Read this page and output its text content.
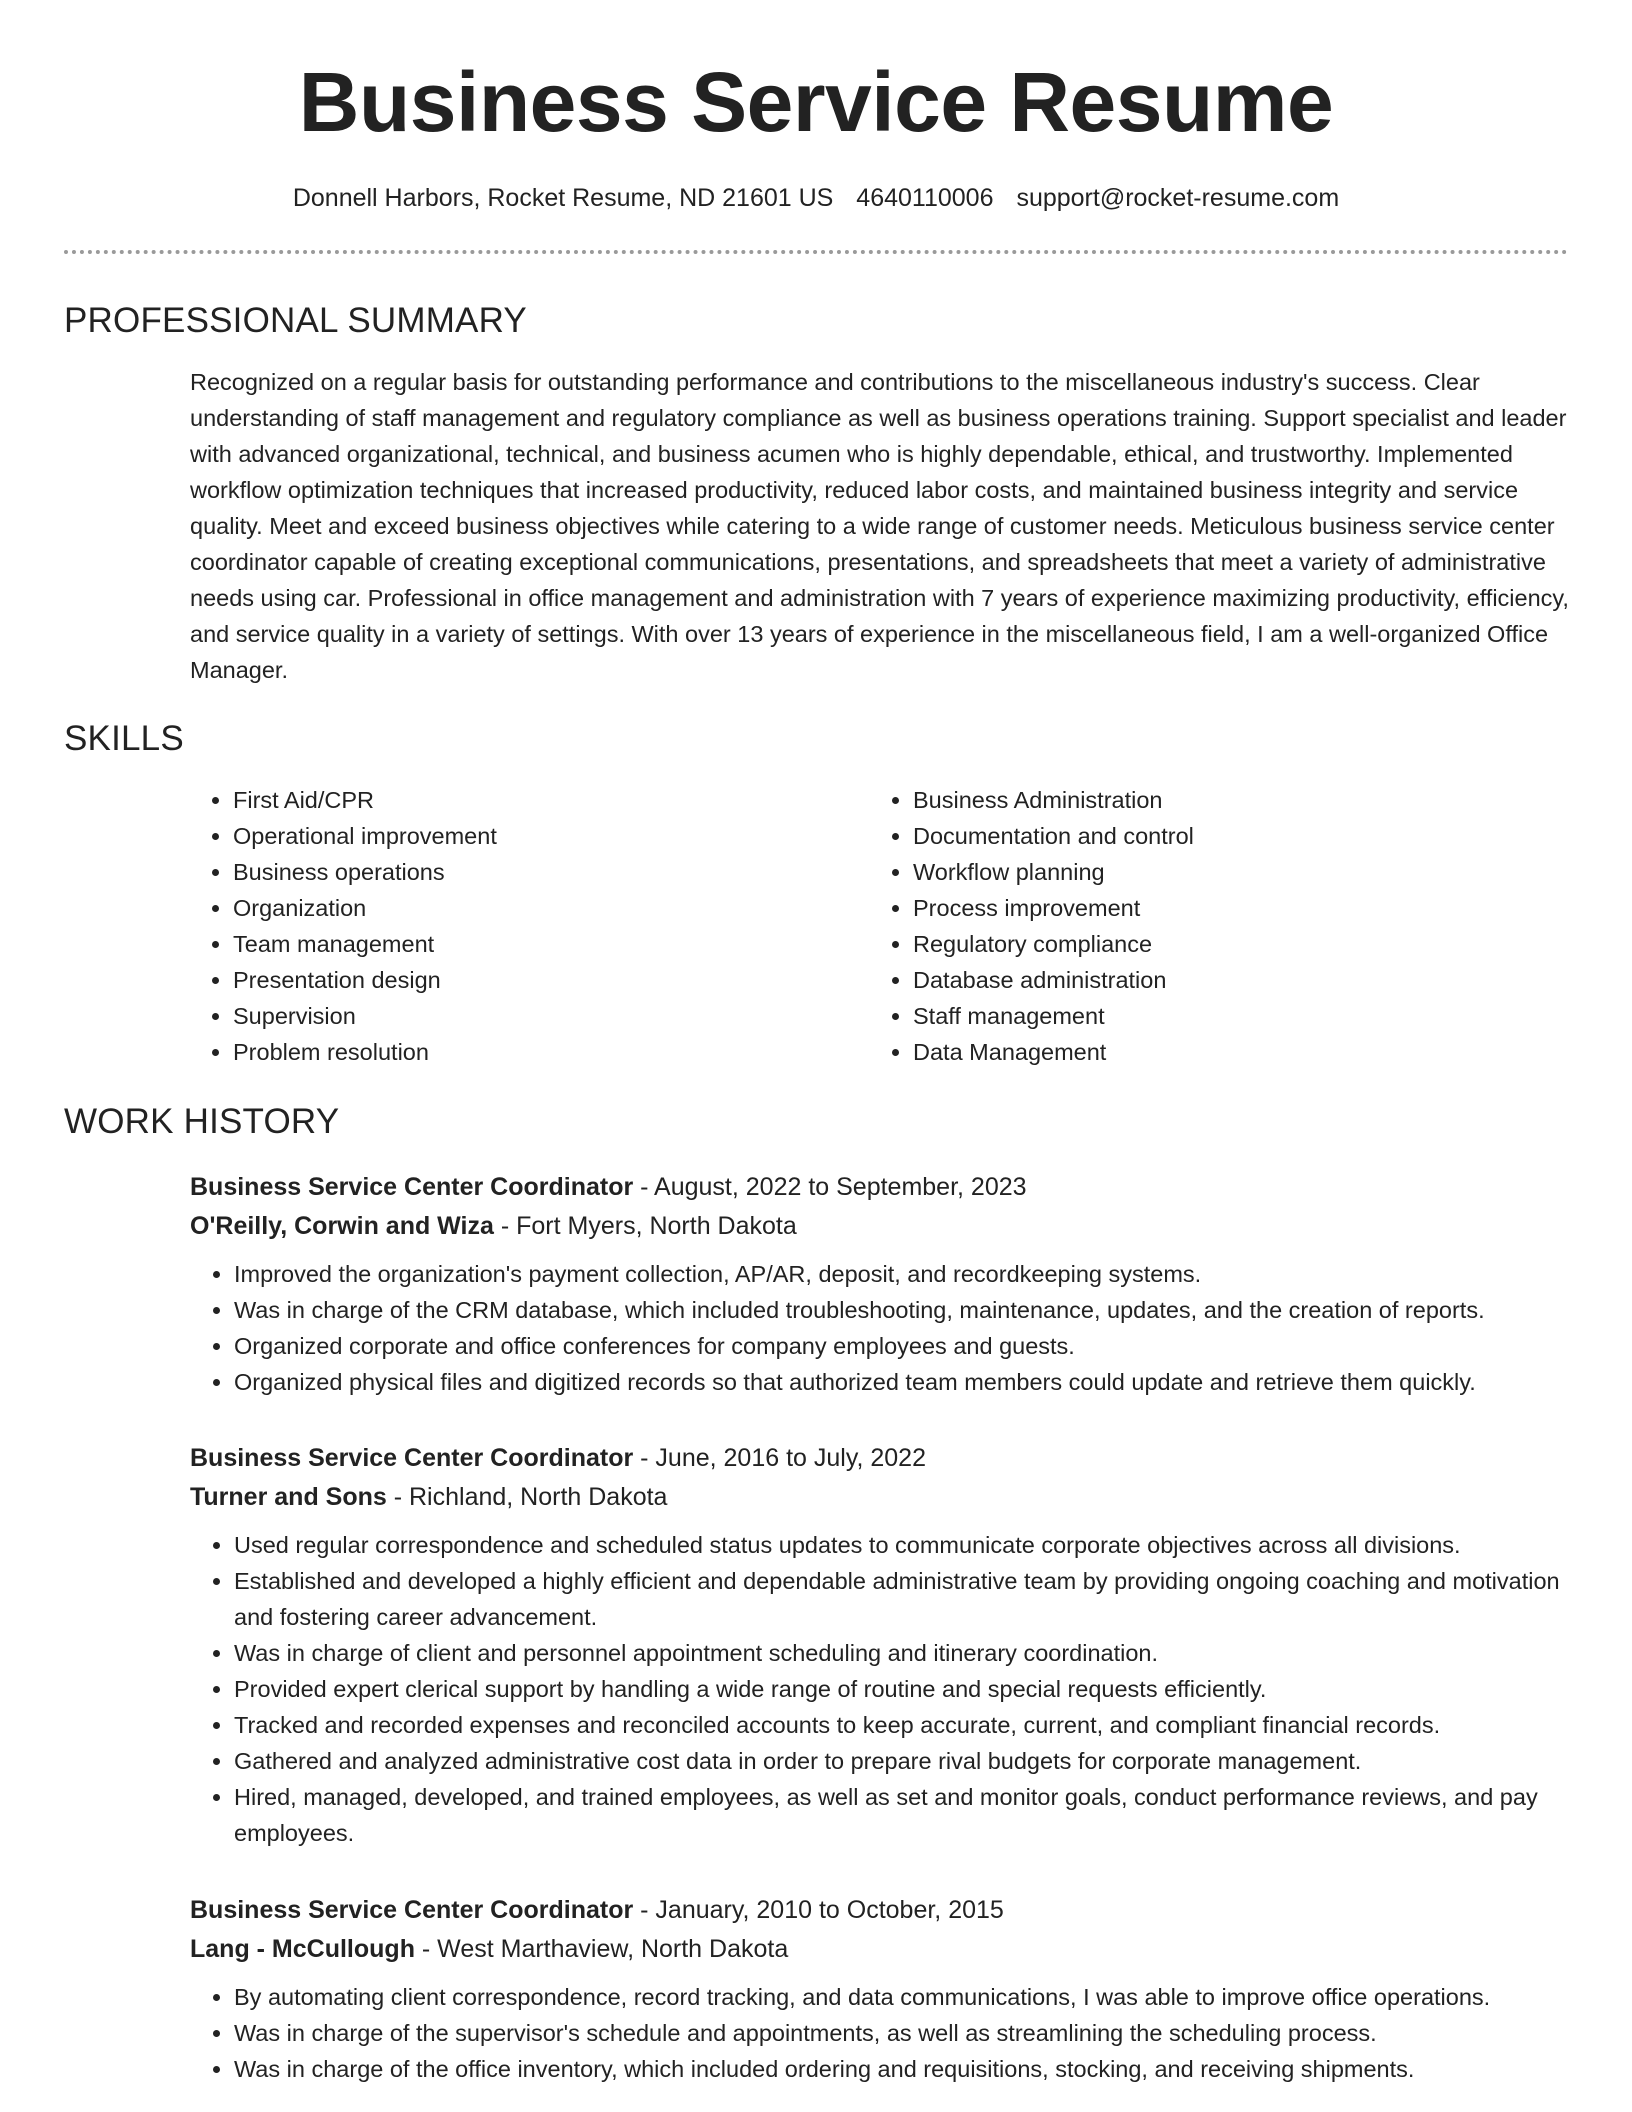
Business Service Resume
Donnell Harbors, Rocket Resume, ND 21601 US 4640110006 support@rocket-resume.com
PROFESSIONAL SUMMARY

Recognized on a regular basis for outstanding performance and contributions to the miscellaneous industry's success. Clear understanding of staff management and regulatory compliance as well as business operations training. Support specialist and leader with advanced organizational, technical, and business acumen who is highly dependable, ethical, and trustworthy. Implemented workflow optimization techniques that increased productivity, reduced labor costs, and maintained business integrity and service quality. Meet and exceed business objectives while catering to a wide range of customer needs. Meticulous business service center coordinator capable of creating exceptional communications, presentations, and spreadsheets that meet a variety of administrative needs using car. Professional in office management and administration with 7 years of experience maximizing productivity, efficiency, and service quality in a variety of settings. With over 13 years of experience in the miscellaneous field, I am a well-organized Office Manager.

SKILLS
• First Aid/CPR
• Operational improvement
• Business operations
• Organization
• Team management
• Presentation design
• Supervision
• Problem resolution
• Business Administration
• Documentation and control
• Workflow planning
• Process improvement
• Regulatory compliance
• Database administration
• Staff management
• Data Management
WORK HISTORY

Business Service Center Coordinator - August, 2022 to September, 2023

O'Reilly, Corwin and Wiza - Fort Myers, North Dakota

• Improved the organization's payment collection, AP/AR, deposit, and recordkeeping systems.
• Was in charge of the CRM database, which included troubleshooting, maintenance, updates, and the creation of reports.
• Organized corporate and office conferences for company employees and guests.
• Organized physical files and digitized records so that authorized team members could update and retrieve them quickly.

Business Service Center Coordinator - June, 2016 to July, 2022

Turner and Sons - Richland, North Dakota

• Used regular correspondence and scheduled status updates to communicate corporate objectives across all divisions.
• Established and developed a highly efficient and dependable administrative team by providing ongoing coaching and motivation and fostering career advancement.
• Was in charge of client and personnel appointment scheduling and itinerary coordination.
• Provided expert clerical support by handling a wide range of routine and special requests efficiently.
• Tracked and recorded expenses and reconciled accounts to keep accurate, current, and compliant financial records.
• Gathered and analyzed administrative cost data in order to prepare rival budgets for corporate management.
• Hired, managed, developed, and trained employees, as well as set and monitor goals, conduct performance reviews, and pay employees.

Business Service Center Coordinator - January, 2010 to October, 2015

Lang - McCullough - West Marthaview, North Dakota

• By automating client correspondence, record tracking, and data communications, I was able to improve office operations.
• Was in charge of the supervisor's schedule and appointments, as well as streamlining the scheduling process.
• Was in charge of the office inventory, which included ordering and requisitions, stocking, and receiving shipments.
